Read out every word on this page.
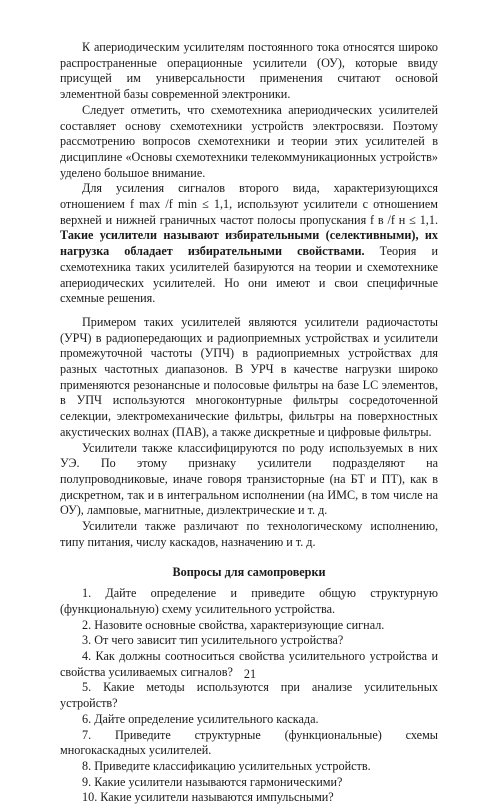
К апериодическим усилителям постоянного тока относятся широко распространенные операционные усилители (ОУ), которые ввиду присущей им универсальности применения считают основой элементной базы современной электроники.

Следует отметить, что схемотехника апериодических усилителей составляет основу схемотехники устройств электросвязи. Поэтому рассмотрению вопросов схемотехники и теории этих усилителей в дисциплине «Основы схемотехники телекоммуникационных устройств» уделено большое внимание.

Для усиления сигналов второго вида, характеризующихся отношением f max /f min ≤ 1,1, используют усилители с отношением верхней и нижней граничных частот полосы пропускания f в /f н ≤ 1,1. Такие усилители называют избирательными (селективными), их нагрузка обладает избирательными свойствами. Теория и схемотехника таких усилителей базируются на теории и схемотехнике апериодических усилителей. Но они имеют и свои специфичные схемные решения.

Примером таких усилителей являются усилители радиочастоты (УРЧ) в радиопередающих и радиоприемных устройствах и усилители промежуточной частоты (УПЧ) в радиоприемных устройствах для разных частотных диапазонов. В УРЧ в качестве нагрузки широко применяются резонансные и полосовые фильтры на базе LC элементов, в УПЧ используются многоконтурные фильтры сосредоточенной селекции, электромеханические фильтры, фильтры на поверхностных акустических волнах (ПАВ), а также дискретные и цифровые фильтры.

Усилители также классифицируются по роду используемых в них УЭ. По этому признаку усилители подразделяют на полупроводниковые, иначе говоря транзисторные (на БТ и ПТ), как в дискретном, так и в интегральном исполнении (на ИМС, в том числе на ОУ), ламповые, магнитные, диэлектрические и т. д.

Усилители также различают по технологическому исполнению, типу питания, числу каскадов, назначению и т. д.

Вопросы для самопроверки

1. Дайте определение и приведите общую структурную (функциональную) схему усилительного устройства.

2. Назовите основные свойства, характеризующие сигнал.

3. От чего зависит тип усилительного устройства?

4. Как должны соотноситься свойства усилительного устройства и свойства усиливаемых сигналов?

5. Какие методы используются при анализе усилительных устройств?

6. Дайте определение усилительного каскада.

7. Приведите структурные (функциональные) схемы многокаскадных усилителей.

8. Приведите классификацию усилительных устройств.

9. Какие усилители называются гармоническими?

10. Какие усилители называются импульсными?

21
